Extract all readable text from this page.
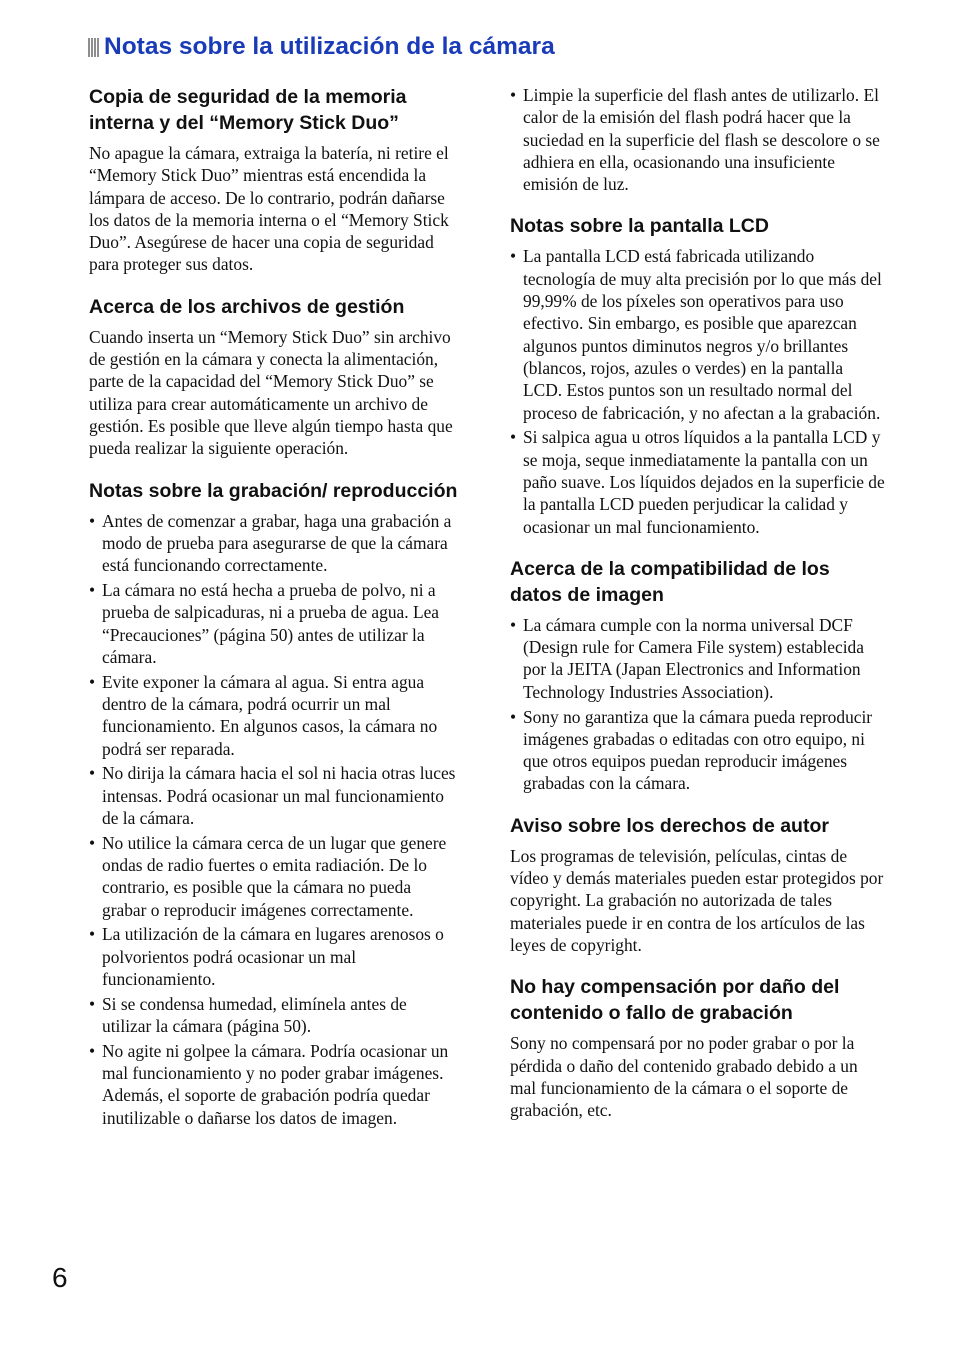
Notas sobre la utilización de la cámara
Copia de seguridad de la memoria interna y del “Memory Stick Duo”

No apague la cámara, extraiga la batería, ni retire el “Memory Stick Duo” mientras está encendida la lámpara de acceso. De lo contrario, podrán dañarse los datos de la memoria interna o el “Memory Stick Duo”. Asegúrese de hacer una copia de seguridad para proteger sus datos.

Acerca de los archivos de gestión

Cuando inserta un “Memory Stick Duo” sin archivo de gestión en la cámara y conecta la alimentación, parte de la capacidad del “Memory Stick Duo” se utiliza para crear automáticamente un archivo de gestión. Es posible que lleve algún tiempo hasta que pueda realizar la siguiente operación.

Notas sobre la grabación/ reproducción
• Antes de comenzar a grabar, haga una grabación a modo de prueba para asegurarse de que la cámara está funcionando correctamente.
• La cámara no está hecha a prueba de polvo, ni a prueba de salpicaduras, ni a prueba de agua. Lea “Precauciones” (página 50) antes de utilizar la cámara.
• Evite exponer la cámara al agua. Si entra agua dentro de la cámara, podrá ocurrir un mal funcionamiento. En algunos casos, la cámara no podrá ser reparada.
• No dirija la cámara hacia el sol ni hacia otras luces intensas. Podrá ocasionar un mal funcionamiento de la cámara.
• No utilice la cámara cerca de un lugar que genere ondas de radio fuertes o emita radiación. De lo contrario, es posible que la cámara no pueda grabar o reproducir imágenes correctamente.
• La utilización de la cámara en lugares arenosos o polvorientos podrá ocasionar un mal funcionamiento.
• Si se condensa humedad, elimínela antes de utilizar la cámara (página 50).
• No agite ni golpee la cámara. Podría ocasionar un mal funcionamiento y no poder grabar imágenes. Además, el soporte de grabación podría quedar inutilizable o dañarse los datos de imagen.
• Limpie la superficie del flash antes de utilizarlo. El calor de la emisión del flash podrá hacer que la suciedad en la superficie del flash se descolore o se adhiera en ella, ocasionando una insuficiente emisión de luz.
Notas sobre la pantalla LCD
• La pantalla LCD está fabricada utilizando tecnología de muy alta precisión por lo que más del 99,99% de los píxeles son operativos para uso efectivo. Sin embargo, es posible que aparezcan algunos puntos diminutos negros y/o brillantes (blancos, rojos, azules o verdes) en la pantalla LCD. Estos puntos son un resultado normal del proceso de fabricación, y no afectan a la grabación.
• Si salpica agua u otros líquidos a la pantalla LCD y se moja, seque inmediatamente la pantalla con un paño suave. Los líquidos dejados en la superficie de la pantalla LCD pueden perjudicar la calidad y ocasionar un mal funcionamiento.
Acerca de la compatibilidad de los datos de imagen
• La cámara cumple con la norma universal DCF (Design rule for Camera File system) establecida por la JEITA (Japan Electronics and Information Technology Industries Association).
• Sony no garantiza que la cámara pueda reproducir imágenes grabadas o editadas con otro equipo, ni que otros equipos puedan reproducir imágenes grabadas con la cámara.
Aviso sobre los derechos de autor

Los programas de televisión, películas, cintas de vídeo y demás materiales pueden estar protegidos por copyright. La grabación no autorizada de tales materiales puede ir en contra de los artículos de las leyes de copyright.

No hay compensación por daño del contenido o fallo de grabación

Sony no compensará por no poder grabar o por la pérdida o daño del contenido grabado debido a un mal funcionamiento de la cámara o el soporte de grabación, etc.

6
